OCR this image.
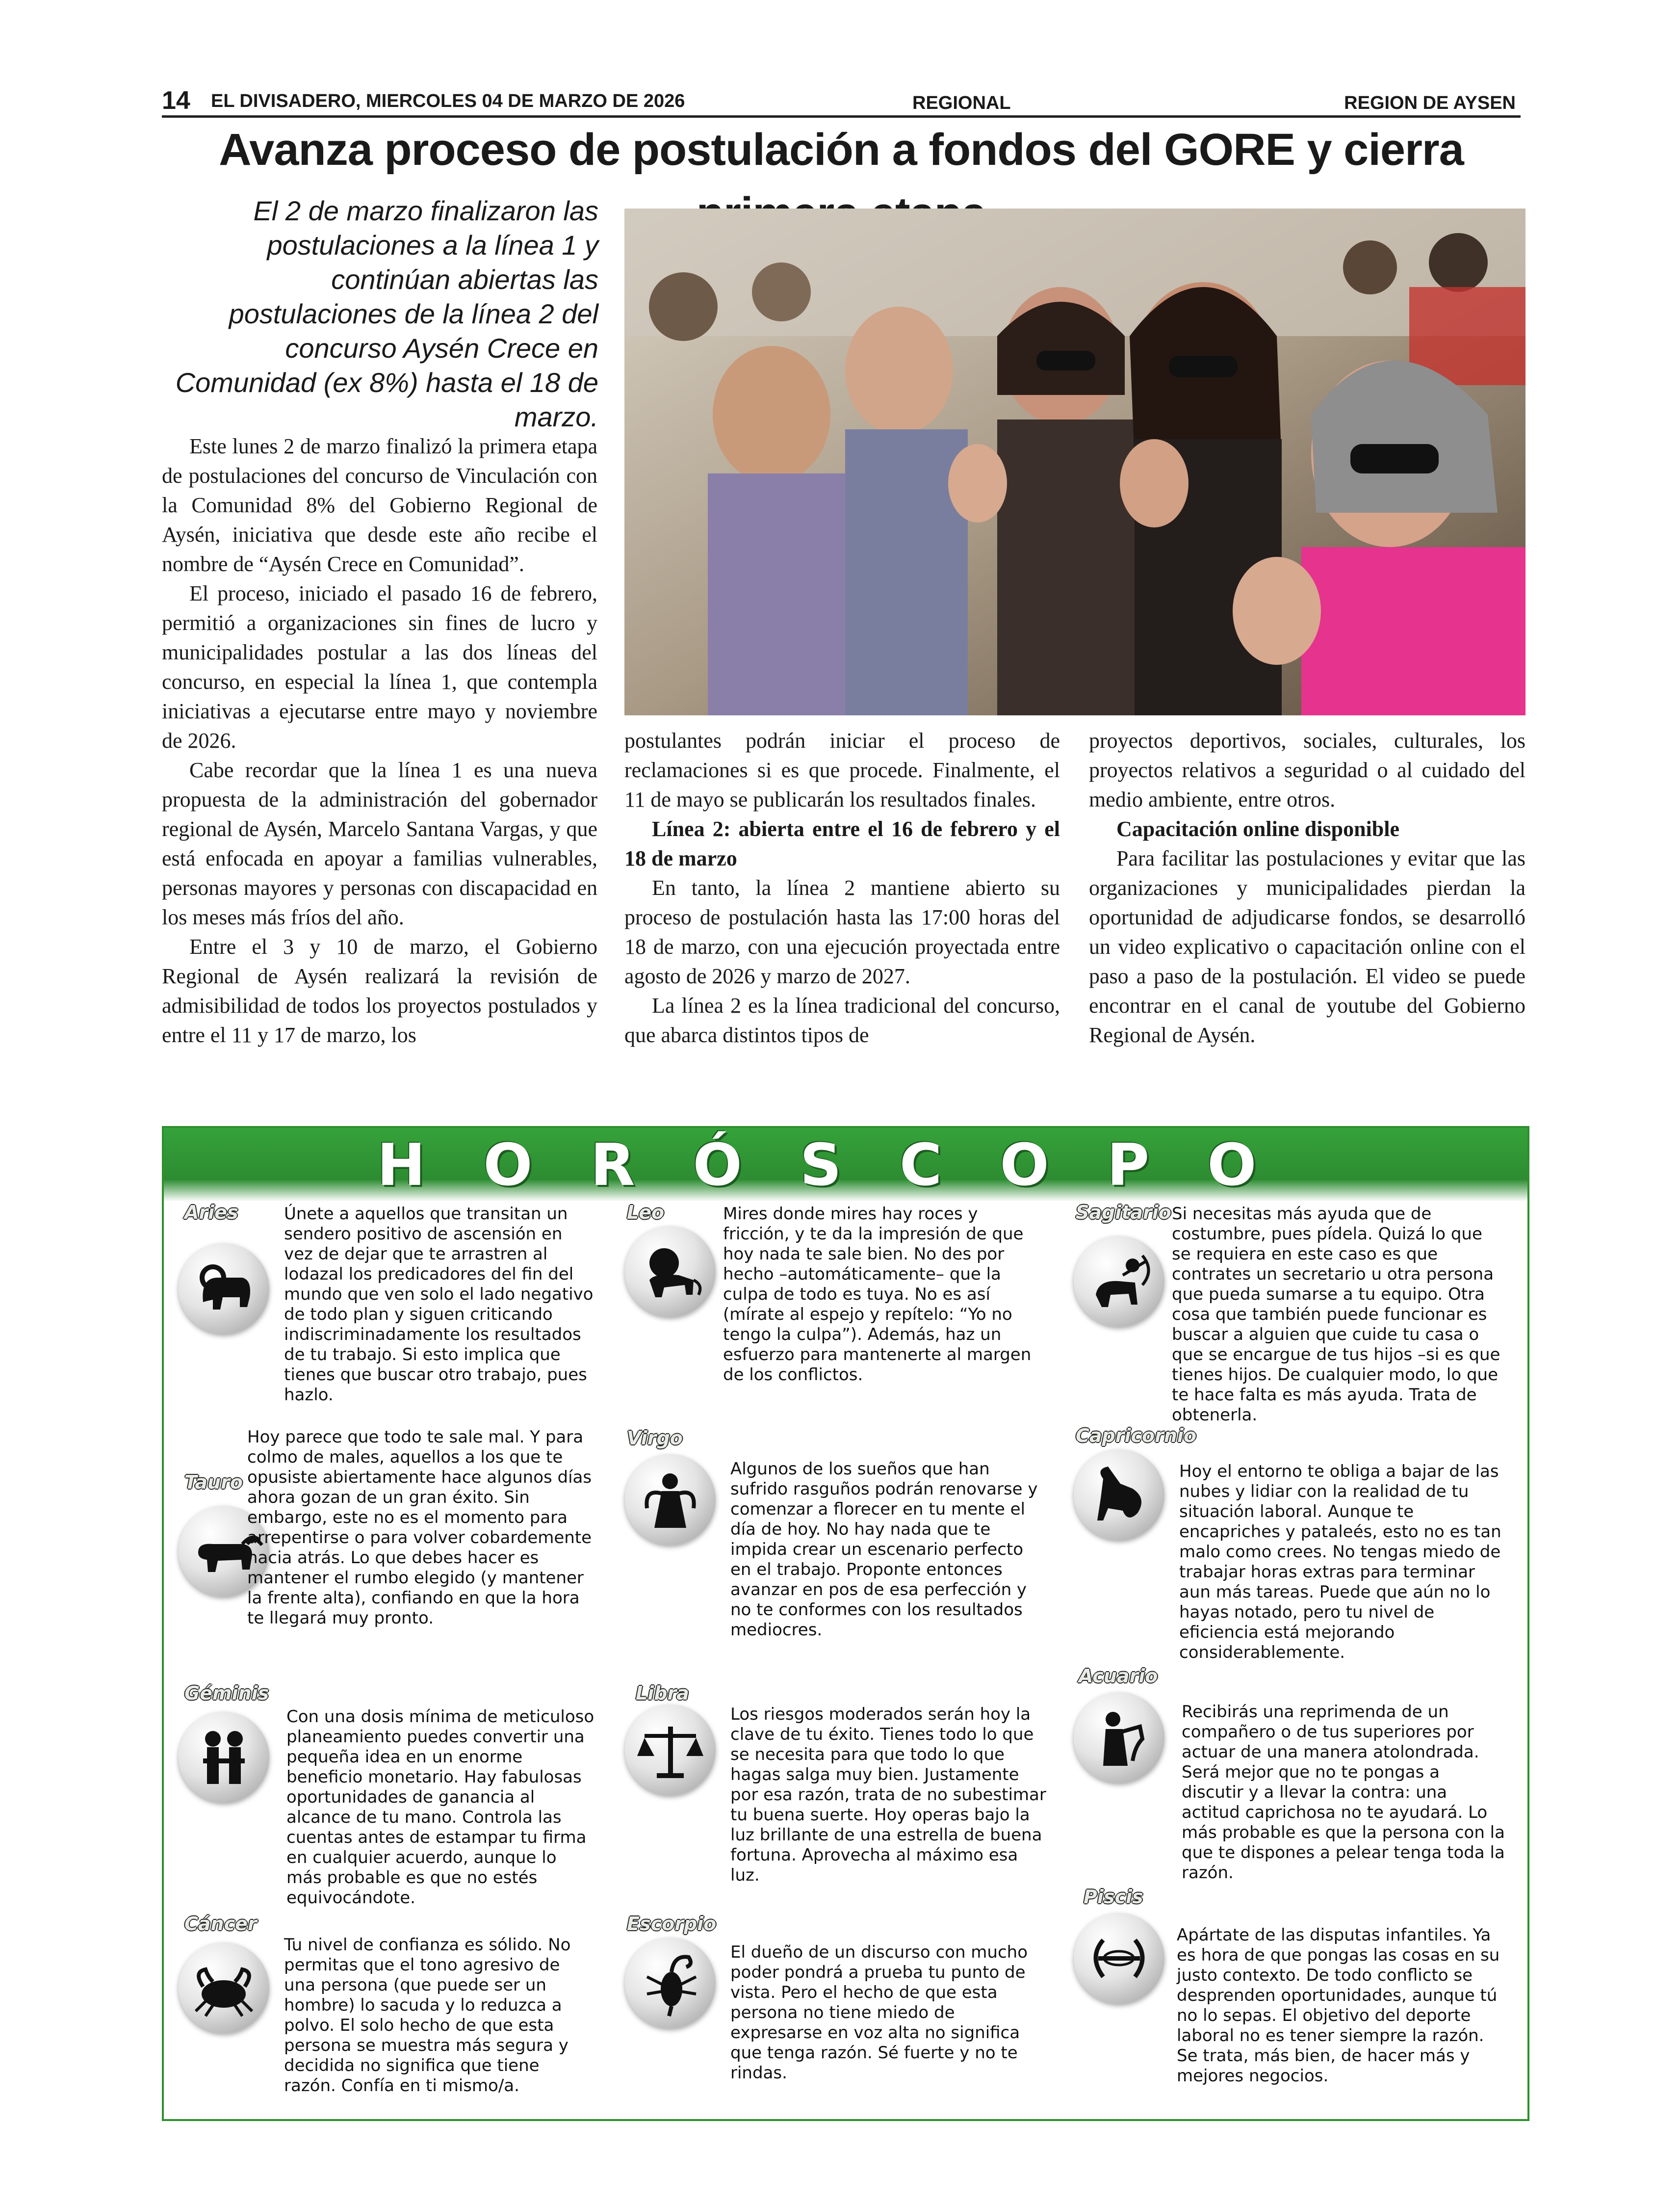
14 EL DIVISADERO, MIERCOLES 04 DE MARZO DE 2026	REGIONAL	REGION DE AYSEN
Avanza proceso de postulación a fondos del GORE y cierra
El 2 de marzo finalizaron las postulaciones a la línea 1 y continúan abiertas las postulaciones de la línea 2 del concurso Aysén Crece en Comunidad (ex 8%) hasta el 18 de marzo.

Este lunes 2 de marzo finalizó la primera etapa de postulaciones del concurso de Vinculación con la Comunidad 8% del Gobierno Regional de Aysén, iniciativa que desde este año recibe el nombre de “Aysén Crece en Comunidad”.

El proceso, iniciado el pasado 16 de febrero, permitió a organizaciones sin fines de lucro y municipalidades postular a las dos líneas del concurso, en especial la línea 1, que contempla iniciativas a ejecutarse entre mayo y noviembre de 2026.

Cabe recordar que la línea 1 es una nueva propuesta de la administración del gobernador regional de Aysén, Marcelo Santana Vargas, y que está enfocada en apoyar a familias vulnerables, personas mayores y personas con discapacidad en los meses más fríos del año.

Entre el 3 y 10 de marzo, el Gobierno Regional de Aysén realizará la revisión de admisibilidad de todos los proyectos postulados y entre el 11 y 17 de marzo, los

postulantes podrán iniciar el proceso de reclamaciones si es que procede. Finalmente, el 11 de mayo se publicarán los resultados finales.

Línea 2: abierta entre el 16 de febrero y el 18 de marzo

En tanto, la línea 2 mantiene abierto su proceso de postulación hasta las 17:00 horas del 18 de marzo, con una ejecución proyectada entre agosto de 2026 y marzo de 2027.

La línea 2 es la línea tradicional del concurso, que abarca distintos tipos de

proyectos deportivos, sociales, culturales, los proyectos relativos a seguridad o al cuidado del medio ambiente, entre otros.

Capacitación online disponible

Para facilitar las postulaciones y evitar que las organizaciones y municipalidades pierdan la oportunidad de adjudicarse fondos, se desarrolló un video explicativo o capacitación online con el paso a paso de la postulación. El video se puede encontrar en el canal de youtube del Gobierno Regional de Aysén.

HORÓSCOPO
Aries	Únete a aquellos que transitan un sendero positivo de ascensión en vez de dejar que te arrastren al lodazal los predicadores del fin del mundo que ven solo el lado negativo de todo plan y siguen criticando indiscriminadamente los resultados de tu trabajo. Si esto implica que tienes que buscar otro trabajo, pues hazlo.
Tauro
Hoy parece que todo te sale mal. Y para colmo de males, aquellos a los que te opusiste abiertamente hace algunos días ahora gozan de un gran éxito. Sin embargo, este no es el momento para arrepentirse o para volver cobardemente hacia atrás. Lo que debes hacer es mantener el rumbo elegido (y mantener la frente alta), confiando en que la hora te llegará muy pronto.
Géminis
Con una dosis mínima de meticuloso planeamiento puedes convertir una pequeña idea en un enorme beneficio monetario. Hay fabulosas oportunidades de ganancia al alcance de tu mano. Controla las cuentas antes de estampar tu firma en cualquier acuerdo, aunque lo más probable es que no estés equivocándote.
Cáncer
Tu nivel de confianza es sólido. No permitas que el tono agresivo de una persona (que puede ser un hombre) lo sacuda y lo reduzca a polvo. El solo hecho de que esta persona se muestra más segura y decidida no significa que tiene razón. Confía en ti mismo/a.
Leo	Mires donde mires hay roces y fricción, y te da la impresión de que hoy nada te sale bien. No des por hecho –automáticamente– que la culpa de todo es tuya. No es así (mírate al espejo y repítelo: “Yo no tengo la culpa”). Además, haz un esfuerzo para mantenerte al margen de los conflictos.
Virgo
Algunos de los sueños que han sufrido rasguños podrán renovarse y comenzar a florecer en tu mente el día de hoy. No hay nada que te impida crear un escenario perfecto en el trabajo. Proponte entonces avanzar en pos de esa perfección y no te conformes con los resultados mediocres.
Libra
Los riesgos moderados serán hoy la clave de tu éxito. Tienes todo lo que se necesita para que todo lo que hagas salga muy bien. Justamente por esa razón, trata de no subestimar tu buena suerte. Hoy operas bajo la luz brillante de una estrella de buena fortuna. Aprovecha al máximo esa luz.
Escorpio
El dueño de un discurso con mucho poder pondrá a prueba tu punto de vista. Pero el hecho de que esta persona no tiene miedo de expresarse en voz alta no significa que tenga razón. Sé fuerte y no te rindas.
Sagitario Si necesitas más ayuda que de costumbre, pues pídela. Quizá lo que se requiera en este caso es que contrates un secretario u otra persona que pueda sumarse a tu equipo. Otra cosa que también puede funcionar es buscar a alguien que cuide tu casa o que se encargue de tus hijos –si es que tienes hijos. De cualquier modo, lo que te hace falta es más ayuda. Trata de obtenerla.
Capricornio
Hoy el entorno te obliga a bajar de las nubes y lidiar con la realidad de tu situación laboral. Aunque te encapriches y pataleés, esto no es tan malo como crees. No tengas miedo de trabajar horas extras para terminar aun más tareas. Puede que aún no lo hayas notado, pero tu nivel de eficiencia está mejorando considerablemente.
Acuario
Recibirás una reprimenda de un compañero o de tus superiores por actuar de una manera atolondrada. Será mejor que no te pongas a discutir y a llevar la contra: una actitud caprichosa no te ayudará. Lo más probable es que la persona con la que te dispones a pelear tenga toda la razón.
Piscis
Apártate de las disputas infantiles. Ya es hora de que pongas las cosas en su justo contexto. De todo conflicto se desprenden oportunidades, aunque tú no lo sepas. El objetivo del deporte laboral no es tener siempre la razón. Se trata, más bien, de hacer más y mejores negocios.
